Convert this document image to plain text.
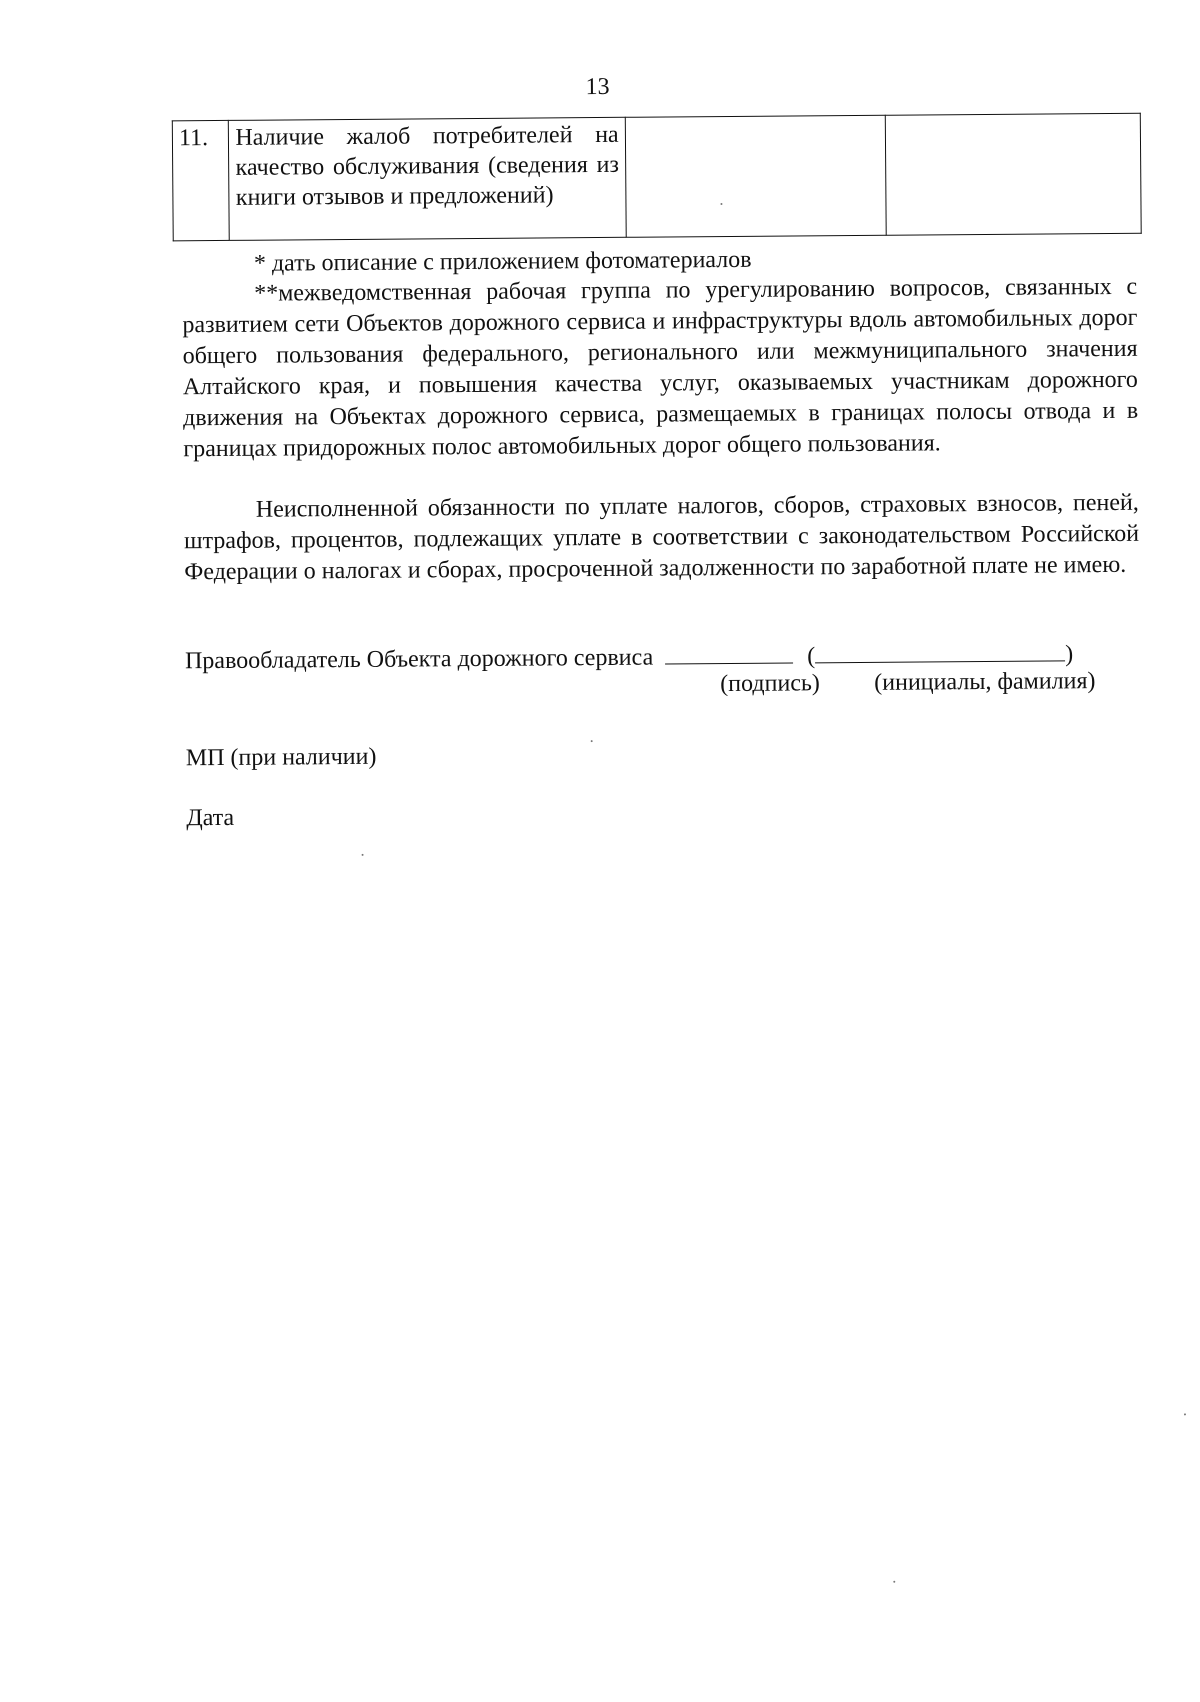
13
11.	Наличие жалоб потребителей на качество обслуживания (сведения из книги отзывов и предложений)		
* дать описание с приложением фотоматериалов
**межведомственная рабочая группа по урегулированию вопросов, связанных с развитием сети Объектов дорожного сервиса и инфраструктуры вдоль автомобильных дорог общего пользования федерального, регионального или межмуниципального значения Алтайского края, и повышения качества услуг, оказываемых участникам дорожного движения на Объектах дорожного сервиса, размещаемых в границах полосы отвода и в границах придорожных полос автомобильных дорог общего пользования.
Неисполненной обязанности по уплате налогов, сборов, страховых взносов, пеней, штрафов, процентов, подлежащих уплате в соответствии с законодательством Российской Федерации о налогах и сборах, просроченной задолженности по заработной плате не имею.
Правообладатель Объекта дорожного сервиса	(	)
(подпись) (инициалы, фамилия)
МП (при наличии)
Дата
